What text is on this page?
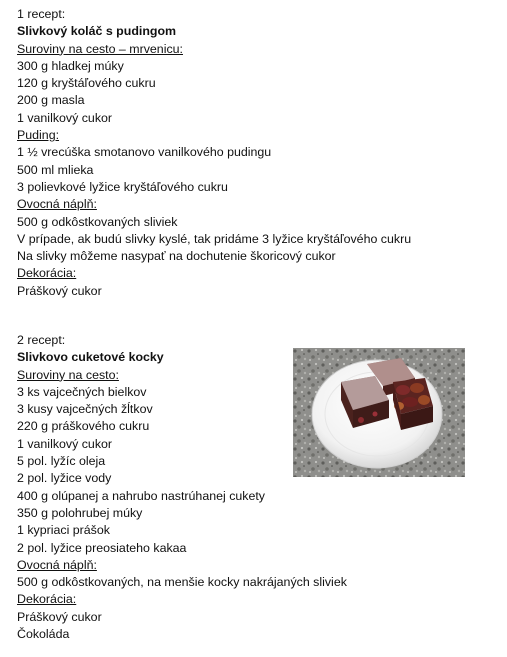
1 recept:
Slivkový koláč s pudingom
Suroviny na cesto – mrvenicu:
300 g hladkej múky
120 g kryštáľového cukru
200 g masla
1 vanilkový cukor
Puding:
1 ½ vrecúška smotanovo vanilkového pudingu
500 ml mlieka
3 polievkové lyžice kryštáľového cukru
Ovocná náplň:
500 g odkôstkovaných sliviek
V prípade, ak budú slivky kyslé, tak pridáme 3 lyžice kryštáľového cukru
Na slivky môžeme nasypať na dochutenie škoricový cukor
Dekorácia:
Práškový cukor
2 recept:
Slivkovo cuketové kocky
Suroviny na cesto:
3 ks vajcečných bielkov
3 kusy vajcečných žĺtkov
220 g práškového cukru
1 vanilkový cukor
5 pol. lyžíc oleja
2 pol. lyžice vody
400 g olúpanej a nahrubo nastrúhanej cukety
350 g polohrubej múky
1 kypriaci prášok
2 pol. lyžice preosiateho kakaa
Ovocná náplň:
500 g odkôstkovaných, na menšie kocky nakrájaných sliviek
Dekorácia:
Práškový cukor
Čokoláda
